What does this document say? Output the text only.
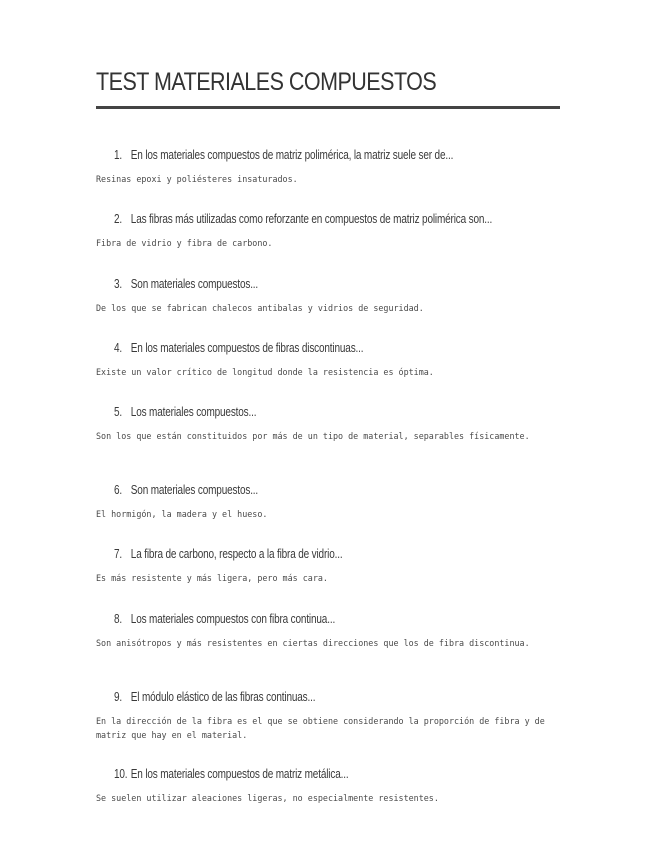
TEST MATERIALES COMPUESTOS

1. En los materiales compuestos de matriz polimérica, la matriz suele ser de...

Resinas epoxi y poliésteres insaturados.

2. Las fibras más utilizadas como reforzante en compuestos de matriz polimérica son...

Fibra de vidrio y fibra de carbono.

3. Son materiales compuestos...

De los que se fabrican chalecos antibalas y vidrios de seguridad.

4. En los materiales compuestos de fibras discontinuas...

Existe un valor crítico de longitud donde la resistencia es óptima.

5. Los materiales compuestos...

Son los que están constituidos por más de un tipo de material, separables físicamente.

6. Son materiales compuestos...

El hormigón, la madera y el hueso.

7. La fibra de carbono, respecto a la fibra de vidrio...

Es más resistente y más ligera, pero más cara.

8. Los materiales compuestos con fibra continua...

Son anisótropos y más resistentes en ciertas direcciones que los de fibra discontinua.

9. El módulo elástico de las fibras continuas...

En la dirección de la fibra es el que se obtiene considerando la proporción de fibra y de matriz que hay en el material.

10. En los materiales compuestos de matriz metálica...

Se suelen utilizar aleaciones ligeras, no especialmente resistentes.
